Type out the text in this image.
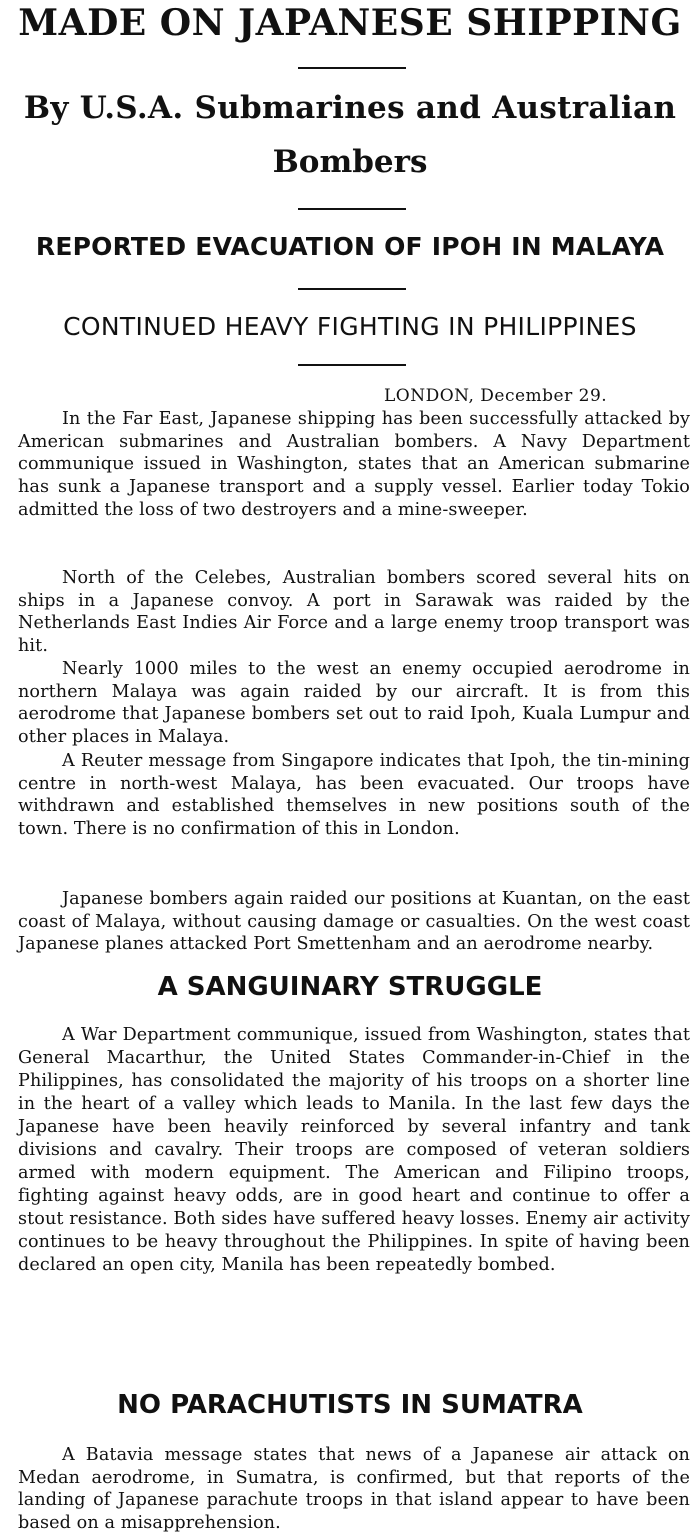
MADE ON JAPANESE SHIPPING
By U.S.A. Submarines and Australian
Bombers
REPORTED EVACUATION OF IPOH IN MALAYA
CONTINUED HEAVY FIGHTING IN PHILIPPINES

LONDON, December 29.

In the Far East, Japanese shipping has been successfully attacked by American submarines and Australian bombers. A Navy Department communique issued in Washington, states that an American submarine has sunk a Japanese transport and a supply vessel. Earlier today Tokio admitted the loss of two destroyers and a mine-sweeper.

North of the Celebes, Australian bombers scored several hits on ships in a Japanese convoy. A port in Sarawak was raided by the Netherlands East Indies Air Force and a large enemy troop transport was hit.

Nearly 1000 miles to the west an enemy occupied aerodrome in northern Malaya was again raided by our aircraft. It is from this aerodrome that Japanese bombers set out to raid Ipoh, Kuala Lumpur and other places in Malaya.

A Reuter message from Singapore indicates that Ipoh, the tin-mining centre in north-west Malaya, has been evacuated. Our troops have withdrawn and established themselves in new positions south of the town. There is no confirmation of this in London.

Japanese bombers again raided our positions at Kuantan, on the east coast of Malaya, without causing damage or casualties. On the west coast Japanese planes attacked Port Smettenham and an aerodrome nearby.

A SANGUINARY STRUGGLE

A War Department communique, issued from Washington, states that General Macarthur, the United States Commander-in-Chief in the Philippines, has consolidated the majority of his troops on a shorter line in the heart of a valley which leads to Manila. In the last few days the Japanese have been heavily reinforced by several infantry and tank divisions and cavalry. Their troops are composed of veteran soldiers armed with modern equipment. The American and Filipino troops, fighting against heavy odds, are in good heart and continue to offer a stout resistance. Both sides have suffered heavy losses. Enemy air activity continues to be heavy throughout the Philippines. In spite of having been declared an open city, Manila has been repeatedly bombed.

NO PARACHUTISTS IN SUMATRA

A Batavia message states that news of a Japanese air attack on Medan aerodrome, in Sumatra, is confirmed, but that reports of the landing of Japanese parachute troops in that island appear to have been based on a misapprehension.
